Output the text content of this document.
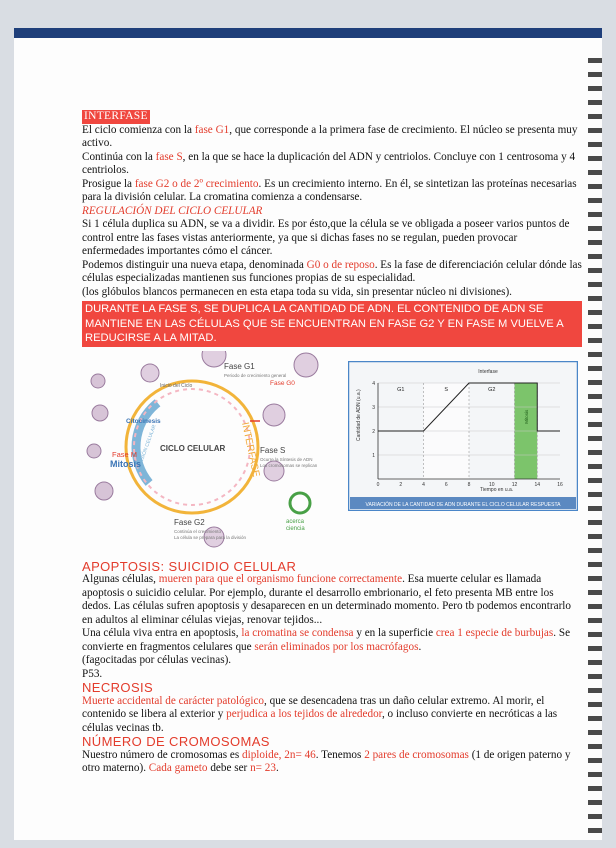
INTERFASE

El ciclo comienza con la fase G1, que corresponde a la primera fase de crecimiento. El núcleo se presenta muy activo.

Continúa con la fase S, en la que se hace la duplicación del ADN y centriolos. Concluye con 1 centrosoma y 4 centriolos.

Prosigue la fase G2 o de 2º crecimiento. Es un crecimiento interno. En él, se sintetizan las proteínas necesarias para la división celular. La cromatina comienza a condensarse.

REGULACIÓN DEL CICLO CELULAR

Si 1 célula duplica su ADN, se va a dividir. Es por ésto,que la célula se ve obligada a poseer varios puntos de control entre las fases vistas anteriormente, ya que si dichas fases no se regulan, pueden provocar enfermedades importantes cómo el cáncer.

Podemos distinguir una nueva etapa, denominada G0 o de reposo. Es la fase de diferenciación celular dónde las células especializadas mantienen sus funciones propias de su especialidad.

(los glóbulos blancos permanecen en esta etapa toda su vida, sin presentar núcleo ni divisiones).

DURANTE LA FASE S, SE DUPLICA LA CANTIDAD DE ADN. EL CONTENIDO DE ADN SE MANTIENE EN LAS CÉLULAS QUE SE ENCUENTRAN EN FASE G2 Y EN FASE M VUELVE A REDUCIRSE A LA MITAD.
Fase G1
Periodo de crecimiento general
Fase G0
Inicio del Ciclo
Citocinesis
CICLO CELULAR
DIVISIÓN CELULAR	INTERFASE
Fase M
Mitosis
Fase S
Ocurre la Síntesis de ADN
Los cromosomas se replican
Fase G2
Continúa el crecimiento
La célula se prepara para la división
acerca
ciencia
VARIACIÓN DE LA CANTIDAD DE ADN DURANTE EL CICLO CELULAR RESPUESTA
4
3
2
1
0	2	4	6	8	10	12	14	16
G1	S	G2
Mitosis
Interfase
Cantidad de ADN (u.a.)
Tiempo en u.a.
APOPTOSIS: SUICIDIO CELULAR

Algunas células, mueren para que el organismo funcione correctamente. Esa muerte celular es llamada apoptosis o suicidio celular. Por ejemplo, durante el desarrollo embrionario, el feto presenta MB entre los dedos. Las células sufren apoptosis y desaparecen en un determinado momento. Pero tb podemos encontrarlo en adultos al eliminar células viejas, renovar tejidos...

Una célula viva entra en apoptosis, la cromatina se condensa y en la superficie crea 1 especie de burbujas. Se convierte en fragmentos celulares que serán eliminados por los macrófagos.

(fagocitadas por células vecinas).

P53.

NECROSIS

Muerte accidental de carácter patológico, que se desencadena tras un daño celular extremo. Al morir, el contenido se libera al exterior y perjudica a los tejidos de alrededor, o incluso convierte en necróticas a las células vecinas tb.

NÚMERO DE CROMOSOMAS

Nuestro número de cromosomas es diploide, 2n= 46. Tenemos 2 pares de cromosomas (1 de origen paterno y otro materno). Cada gameto debe ser n= 23.
